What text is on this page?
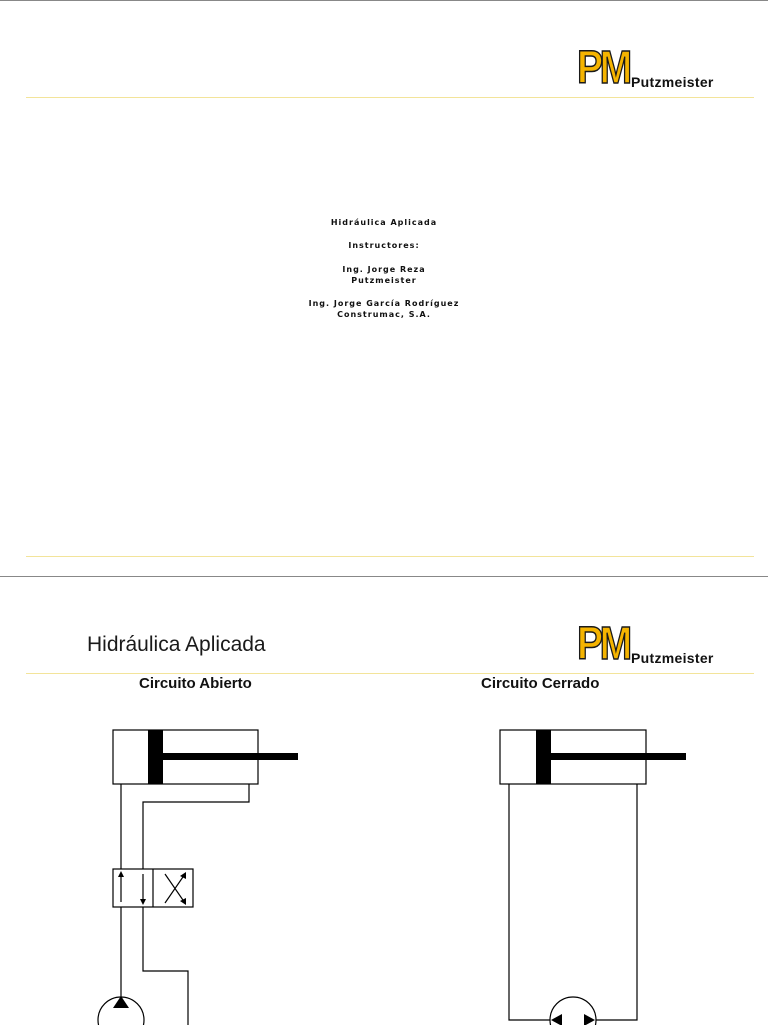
PM Putzmeister
Hidráulica Aplicada
Instructores:
Ing. Jorge Reza
Putzmeister
Ing. Jorge García Rodríguez
Construmac, S.A.
PM Putzmeister
Hidráulica Aplicada
Circuito Abierto	Circuito Cerrado
